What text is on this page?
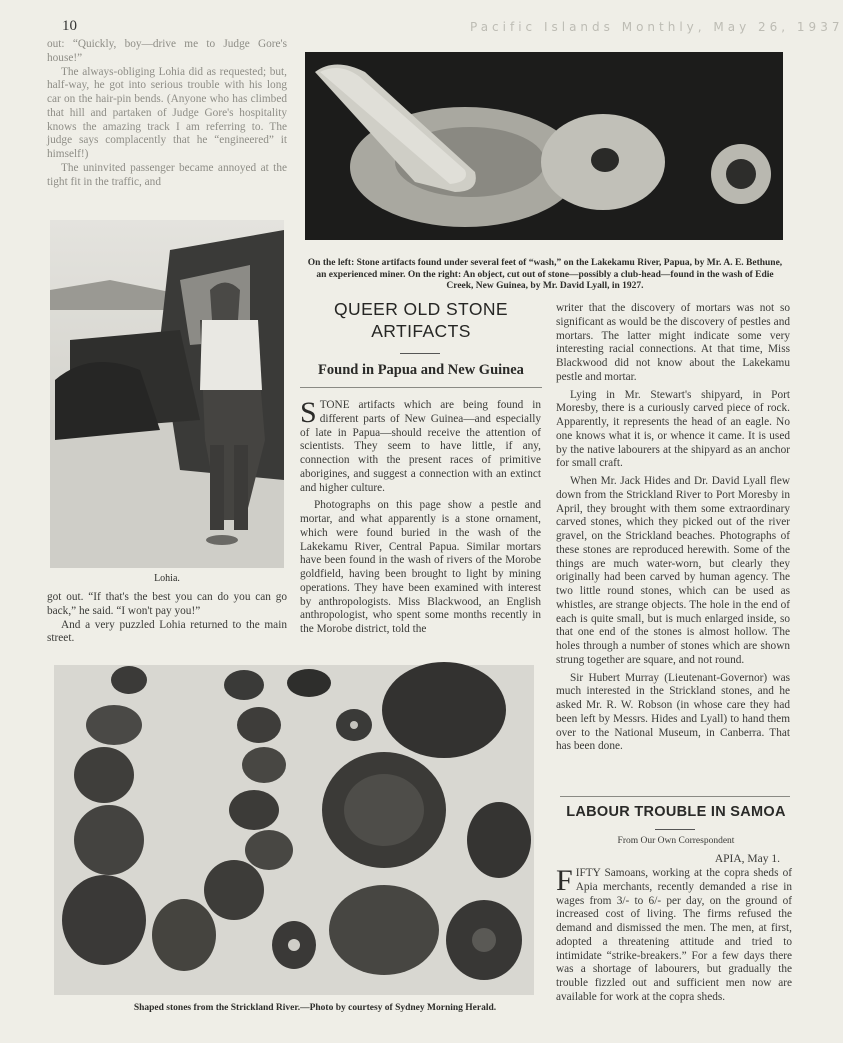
10	Pacific Islands Monthly, May 26, 1937

out: “Quickly, boy—drive me to Judge Gore's house!”

The always-obliging Lohia did as requested; but, half-way, he got into serious trouble with his long car on the hair-pin bends. (Anyone who has climbed that hill and partaken of Judge Gore's hospitality knows the amazing track I am referring to. The judge says complacently that he “engineered” it himself!)

The uninvited passenger became annoyed at the tight fit in the traffic, and

Lohia.

got out. “If that's the best you can do you can go back,” he said. “I won't pay you!”

And a very puzzled Lohia returned to the main street.

On the left: Stone artifacts found under several feet of “wash,” on the Lakekamu River, Papua, by Mr. A. E. Bethune, an experienced miner. On the right: An object, cut out of stone—possibly a club-head—found in the wash of Edie Creek, New Guinea, by Mr. David Lyall, in 1927.
QUEER OLD STONE
ARTIFACTS
Found in Papua and New Guinea

STONE artifacts which are being found in different parts of New Guinea—and especially of late in Papua—should receive the attention of scientists. They seem to have little, if any, connection with the present races of primitive aborigines, and suggest a connection with an extinct and higher culture.

Photographs on this page show a pestle and mortar, and what apparently is a stone ornament, which were found buried in the wash of the Lakekamu River, Central Papua. Similar mortars have been found in the wash of rivers of the Morobe goldfield, having been brought to light by mining operations. They have been examined with interest by anthropologists. Miss Blackwood, an English anthropologist, who spent some months recently in the Morobe district, told the

writer that the discovery of mortars was not so significant as would be the discovery of pestles and mortars. The latter might indicate some very interesting racial connections. At that time, Miss Blackwood did not know about the Lakekamu pestle and mortar.

Lying in Mr. Stewart's shipyard, in Port Moresby, there is a curiously carved piece of rock. Apparently, it represents the head of an eagle. No one knows what it is, or whence it came. It is used by the native labourers at the shipyard as an anchor for small craft.

When Mr. Jack Hides and Dr. David Lyall flew down from the Strickland River to Port Moresby in April, they brought with them some extraordinary carved stones, which they picked out of the river gravel, on the Strickland beaches. Photographs of these stones are reproduced herewith. Some of the things are much water-worn, but clearly they originally had been carved by human agency. The two little round stones, which can be used as whistles, are strange objects. The hole in the end of each is quite small, but is much enlarged inside, so that one end of the stones is almost hollow. The holes through a number of stones which are shown strung together are square, and not round.

Sir Hubert Murray (Lieutenant-Governor) was much interested in the Strickland stones, and he asked Mr. R. W. Robson (in whose care they had been left by Messrs. Hides and Lyall) to hand them over to the National Museum, in Canberra. That has been done.

Shaped stones from the Strickland River.—Photo by courtesy of Sydney Morning Herald.
LABOUR TROUBLE IN SAMOA
From Our Own Correspondent
APIA, May 1.

FIFTY Samoans, working at the copra sheds of Apia merchants, recently demanded a rise in wages from 3/- to 6/- per day, on the ground of increased cost of living. The firms refused the demand and dismissed the men. The men, at first, adopted a threatening attitude and tried to intimidate “strike-breakers.” For a few days there was a shortage of labourers, but gradually the trouble fizzled out and sufficient men now are available for work at the copra sheds.
